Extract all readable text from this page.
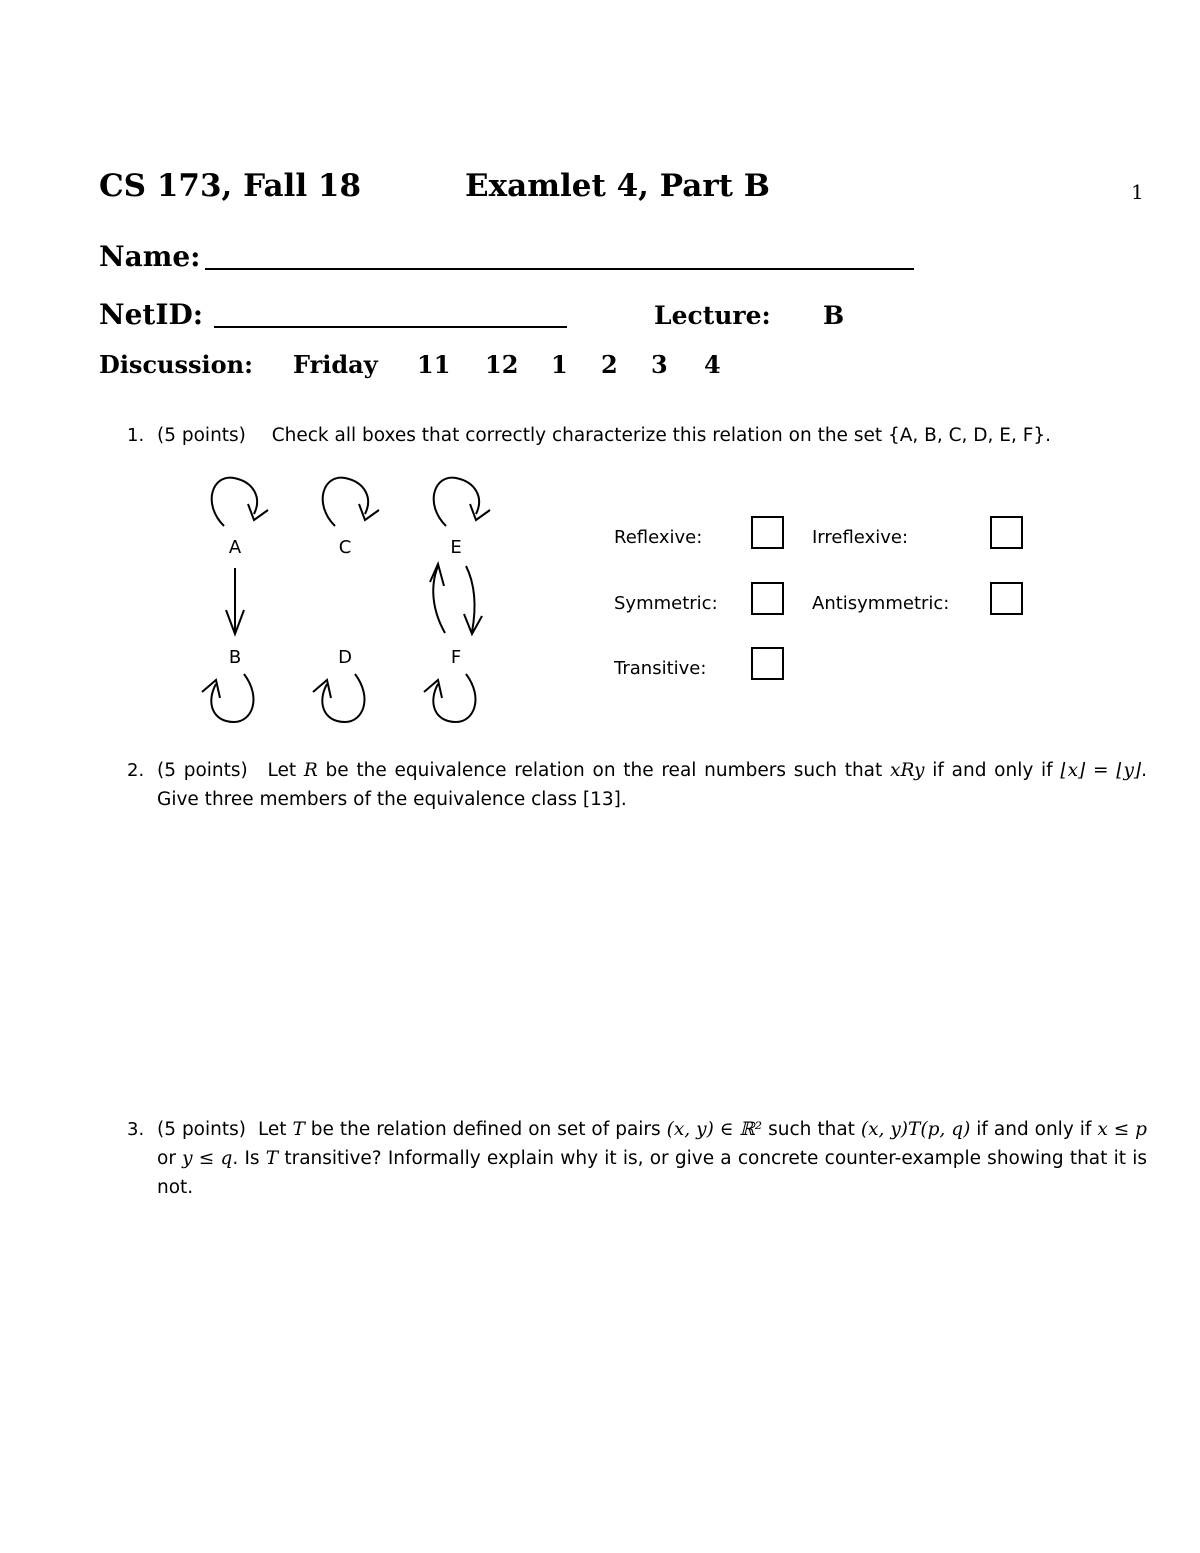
CS 173, Fall 18	Examlet 4, Part B	1
Name:
NetID:	Lecture: B
Discussion: Friday 11 12 1 2 3 4
1. (5 points) Check all boxes that correctly characterize this relation on the set {A, B, C, D, E, F}.
A	C	E
B	D	F
Reflexive:	Irreflexive:
Symmetric:	Antisymmetric:
Transitive:
2. (5 points) Let R be the equivalence relation on the real numbers such that xRy if and only if ⌊x⌋ = ⌊y⌋. Give three members of the equivalence class [13].
3. (5 points) Let T be the relation defined on set of pairs (x, y) ∈ ℝ² such that (x, y)T(p, q) if and only if x ≤ p or y ≤ q. Is T transitive? Informally explain why it is, or give a concrete counter-example showing that it is not.
